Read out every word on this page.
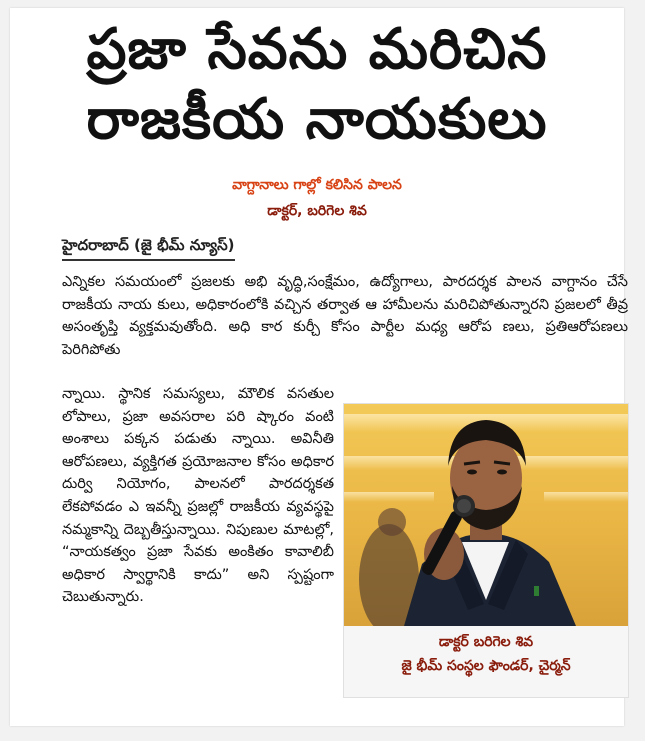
ప్రజా సేవను మరిచిన
రాజకీయ నాయకులు
వాగ్దానాలు గాల్లో కలిసిన పాలన
డాక్టర్, బరిగెల శివ
హైదరాబాద్ (జై భీమ్ న్యూస్)
ఎన్నికల సమయంలో ప్రజలకు అభి వృద్ధి,సంక్షేమం, ఉద్యోగాలు, పారదర్శక పాలన వాగ్దానం చేసే రాజకీయ నాయ కులు, అధికారంలోకి వచ్చిన తర్వాత ఆ హామీలను మరిచిపోతున్నారని ప్రజలలో తీవ్ర అసంతృప్తి వ్యక్తమవుతోంది. అధి కార కుర్చీ కోసం పార్టీల మధ్య ఆరోప ణలు, ప్రతిఆరోపణలు పెరిగిపోతు
న్నాయి. స్థానిక సమస్యలు, మౌలిక వసతుల లోపాలు, ప్రజా అవసరాల పరి ష్కారం వంటి అంశాలు పక్కన పడుతు న్నాయి. అవినీతి ఆరోపణలు, వ్యక్తిగత ప్రయోజనాల కోసం అధికార దుర్వి నియోగం, పాలనలో పారదర్శకత లేకపోవడం ఎ ఇవన్నీ ప్రజల్లో రాజకీయ వ్యవస్థపై నమ్మకాన్ని దెబ్బతీస్తున్నాయి. నిపుణుల మాటల్లో, “నాయకత్వం ప్రజా సేవకు అంకితం కావాలిబీ అధికార స్వార్థానికి కాదు” అని స్పష్టంగా చెబుతున్నారు.
డాక్టర్ బరిగెల శివ
జై భీమ్ సంస్థల ఫౌండర్, చైర్మన్
